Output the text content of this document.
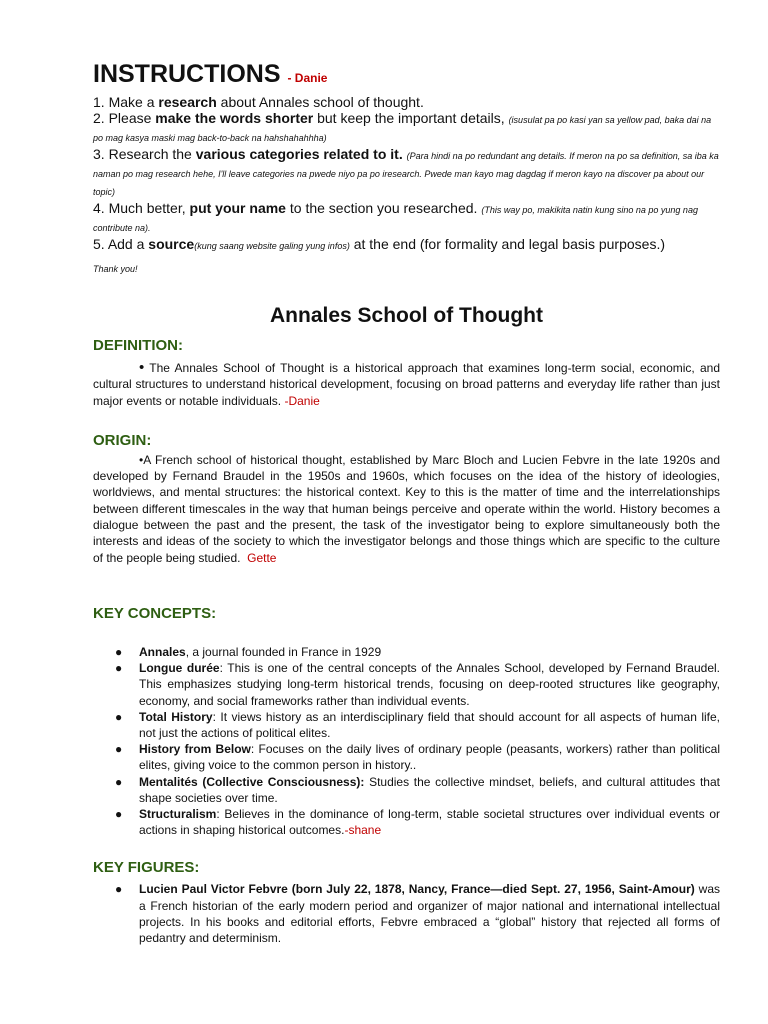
INSTRUCTIONS - Danie

1. Make a research about Annales school of thought.

2. Please make the words shorter but keep the important details, (isusulat pa po kasi yan sa yellow pad, baka dai na po mag kasya maski mag back-to-back na hahshahahhha)

3. Research the various categories related to it. (Para hindi na po redundant ang details. If meron na po sa definition, sa iba ka naman po mag research hehe, I'll leave categories na pwede niyo pa po iresearch. Pwede man kayo mag dagdag if meron kayo na discover pa about our topic)

4. Much better, put your name to the section you researched. (This way po, makikita natin kung sino na po yung nag contribute na).

5. Add a source(kung saang website galing yung infos) at the end (for formality and legal basis purposes.)

Thank you!
Annales School of Thought
DEFINITION:

• The Annales School of Thought is a historical approach that examines long-term social, economic, and cultural structures to understand historical development, focusing on broad patterns and everyday life rather than just major events or notable individuals. -Danie

ORIGIN:

•A French school of historical thought, established by Marc Bloch and Lucien Febvre in the late 1920s and developed by Fernand Braudel in the 1950s and 1960s, which focuses on the idea of the history of ideologies, worldviews, and mental structures: the historical context. Key to this is the matter of time and the interrelationships between different timescales in the way that human beings perceive and operate within the world. History becomes a dialogue between the past and the present, the task of the investigator being to explore simultaneously both the interests and ideas of the society to which the investigator belongs and those things which are specific to the culture of the people being studied. Gette

KEY CONCEPTS:
● Annales, a journal founded in France in 1929
● Longue durée: This is one of the central concepts of the Annales School, developed by Fernand Braudel. This emphasizes studying long-term historical trends, focusing on deep-rooted structures like geography, economy, and social frameworks rather than individual events.
● Total History: It views history as an interdisciplinary field that should account for all aspects of human life, not just the actions of political elites.
● History from Below: Focuses on the daily lives of ordinary people (peasants, workers) rather than political elites, giving voice to the common person in history..
● Mentalités (Collective Consciousness): Studies the collective mindset, beliefs, and cultural attitudes that shape societies over time.
● Structuralism: Believes in the dominance of long-term, stable societal structures over individual events or actions in shaping historical outcomes.-shane
KEY FIGURES:
● Lucien Paul Victor Febvre (born July 22, 1878, Nancy, France—died Sept. 27, 1956, Saint-Amour) was a French historian of the early modern period and organizer of major national and international intellectual projects. In his books and editorial efforts, Febvre embraced a “global” history that rejected all forms of pedantry and determinism.
